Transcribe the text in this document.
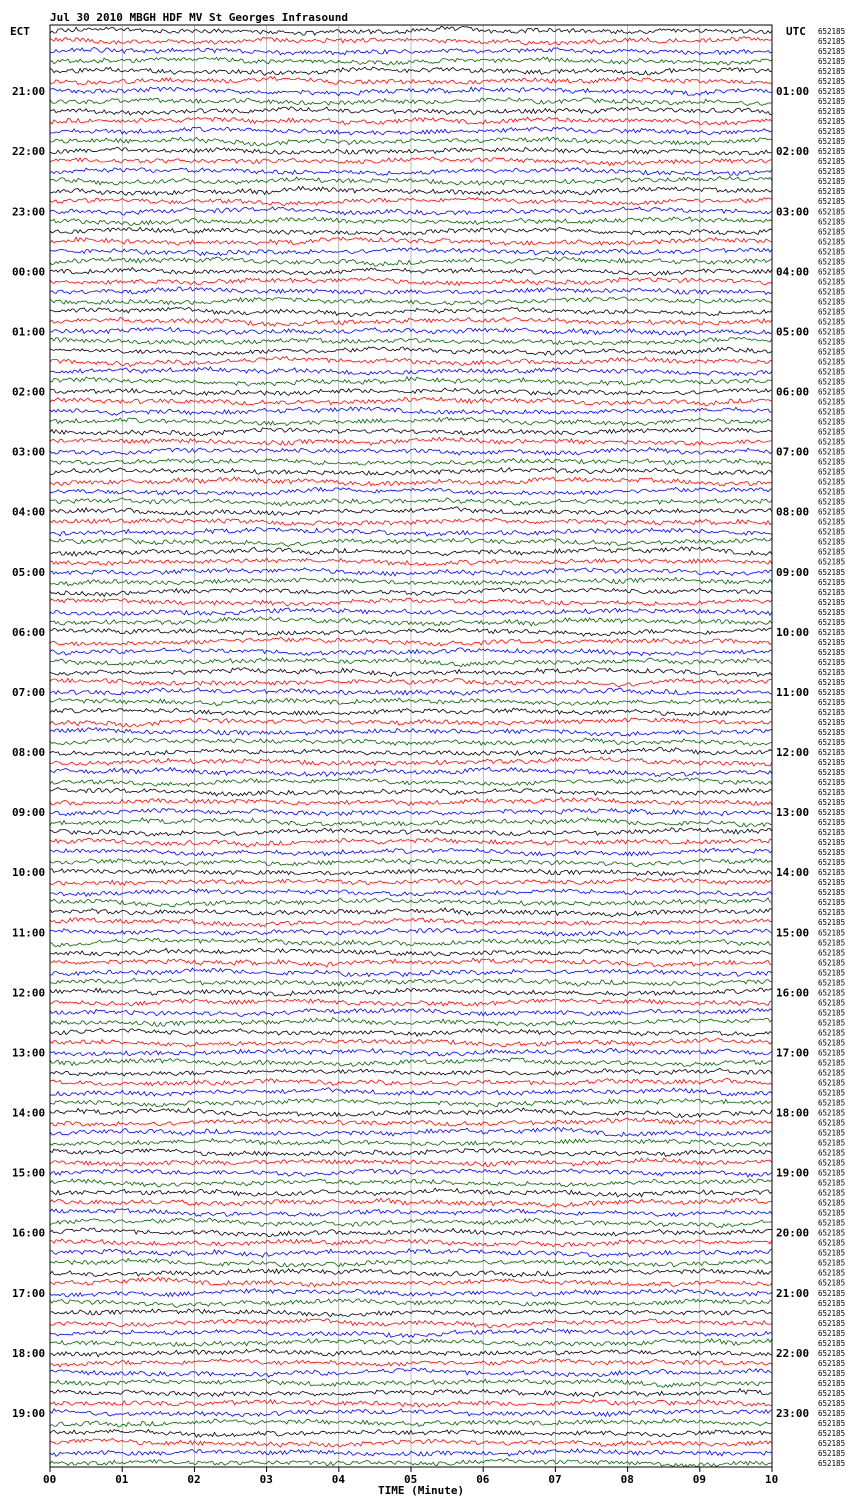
Jul 30 2010 MBGH HDF MV St Georges Infrasound
ECT	UTC
21:00
22:00
23:00
00:00
01:00
02:00
03:00
04:00
05:00
06:00
07:00
08:00
09:00
10:00
11:00
12:00
13:00
14:00
15:00
16:00
17:00
18:00
19:00
01:00
02:00
03:00
04:00
05:00
06:00
07:00
08:00
09:00
10:00
11:00
12:00
13:00
14:00
15:00
16:00
17:00
18:00
19:00
20:00
21:00
22:00
23:00
652185
652185
652185
652185
652185
652185
652185
652185
652185
652185
652185
652185
652185
652185
652185
652185
652185
652185
652185
652185
652185
652185
652185
652185
652185
652185
652185
652185
652185
652185
652185
652185
652185
652185
652185
652185
652185
652185
652185
652185
652185
652185
652185
652185
652185
652185
652185
652185
652185
652185
652185
652185
652185
652185
652185
652185
652185
652185
652185
652185
652185
652185
652185
652185
652185
652185
652185
652185
652185
652185
652185
652185
652185
652185
652185
652185
652185
652185
652185
652185
652185
652185
652185
652185
652185
652185
652185
652185
652185
652185
652185
652185
652185
652185
652185
652185
652185
652185
652185
652185
652185
652185
652185
652185
652185
652185
652185
652185
652185
652185
652185
652185
652185
652185
652185
652185
652185
652185
652185
652185
652185
652185
652185
652185
652185
652185
652185
652185
652185
652185
652185
652185
652185
652185
652185
652185
652185
652185
652185
652185
652185
652185
652185
652185
00	01	02	03	04	05	06	07	08	09	10
TIME (Minute)
